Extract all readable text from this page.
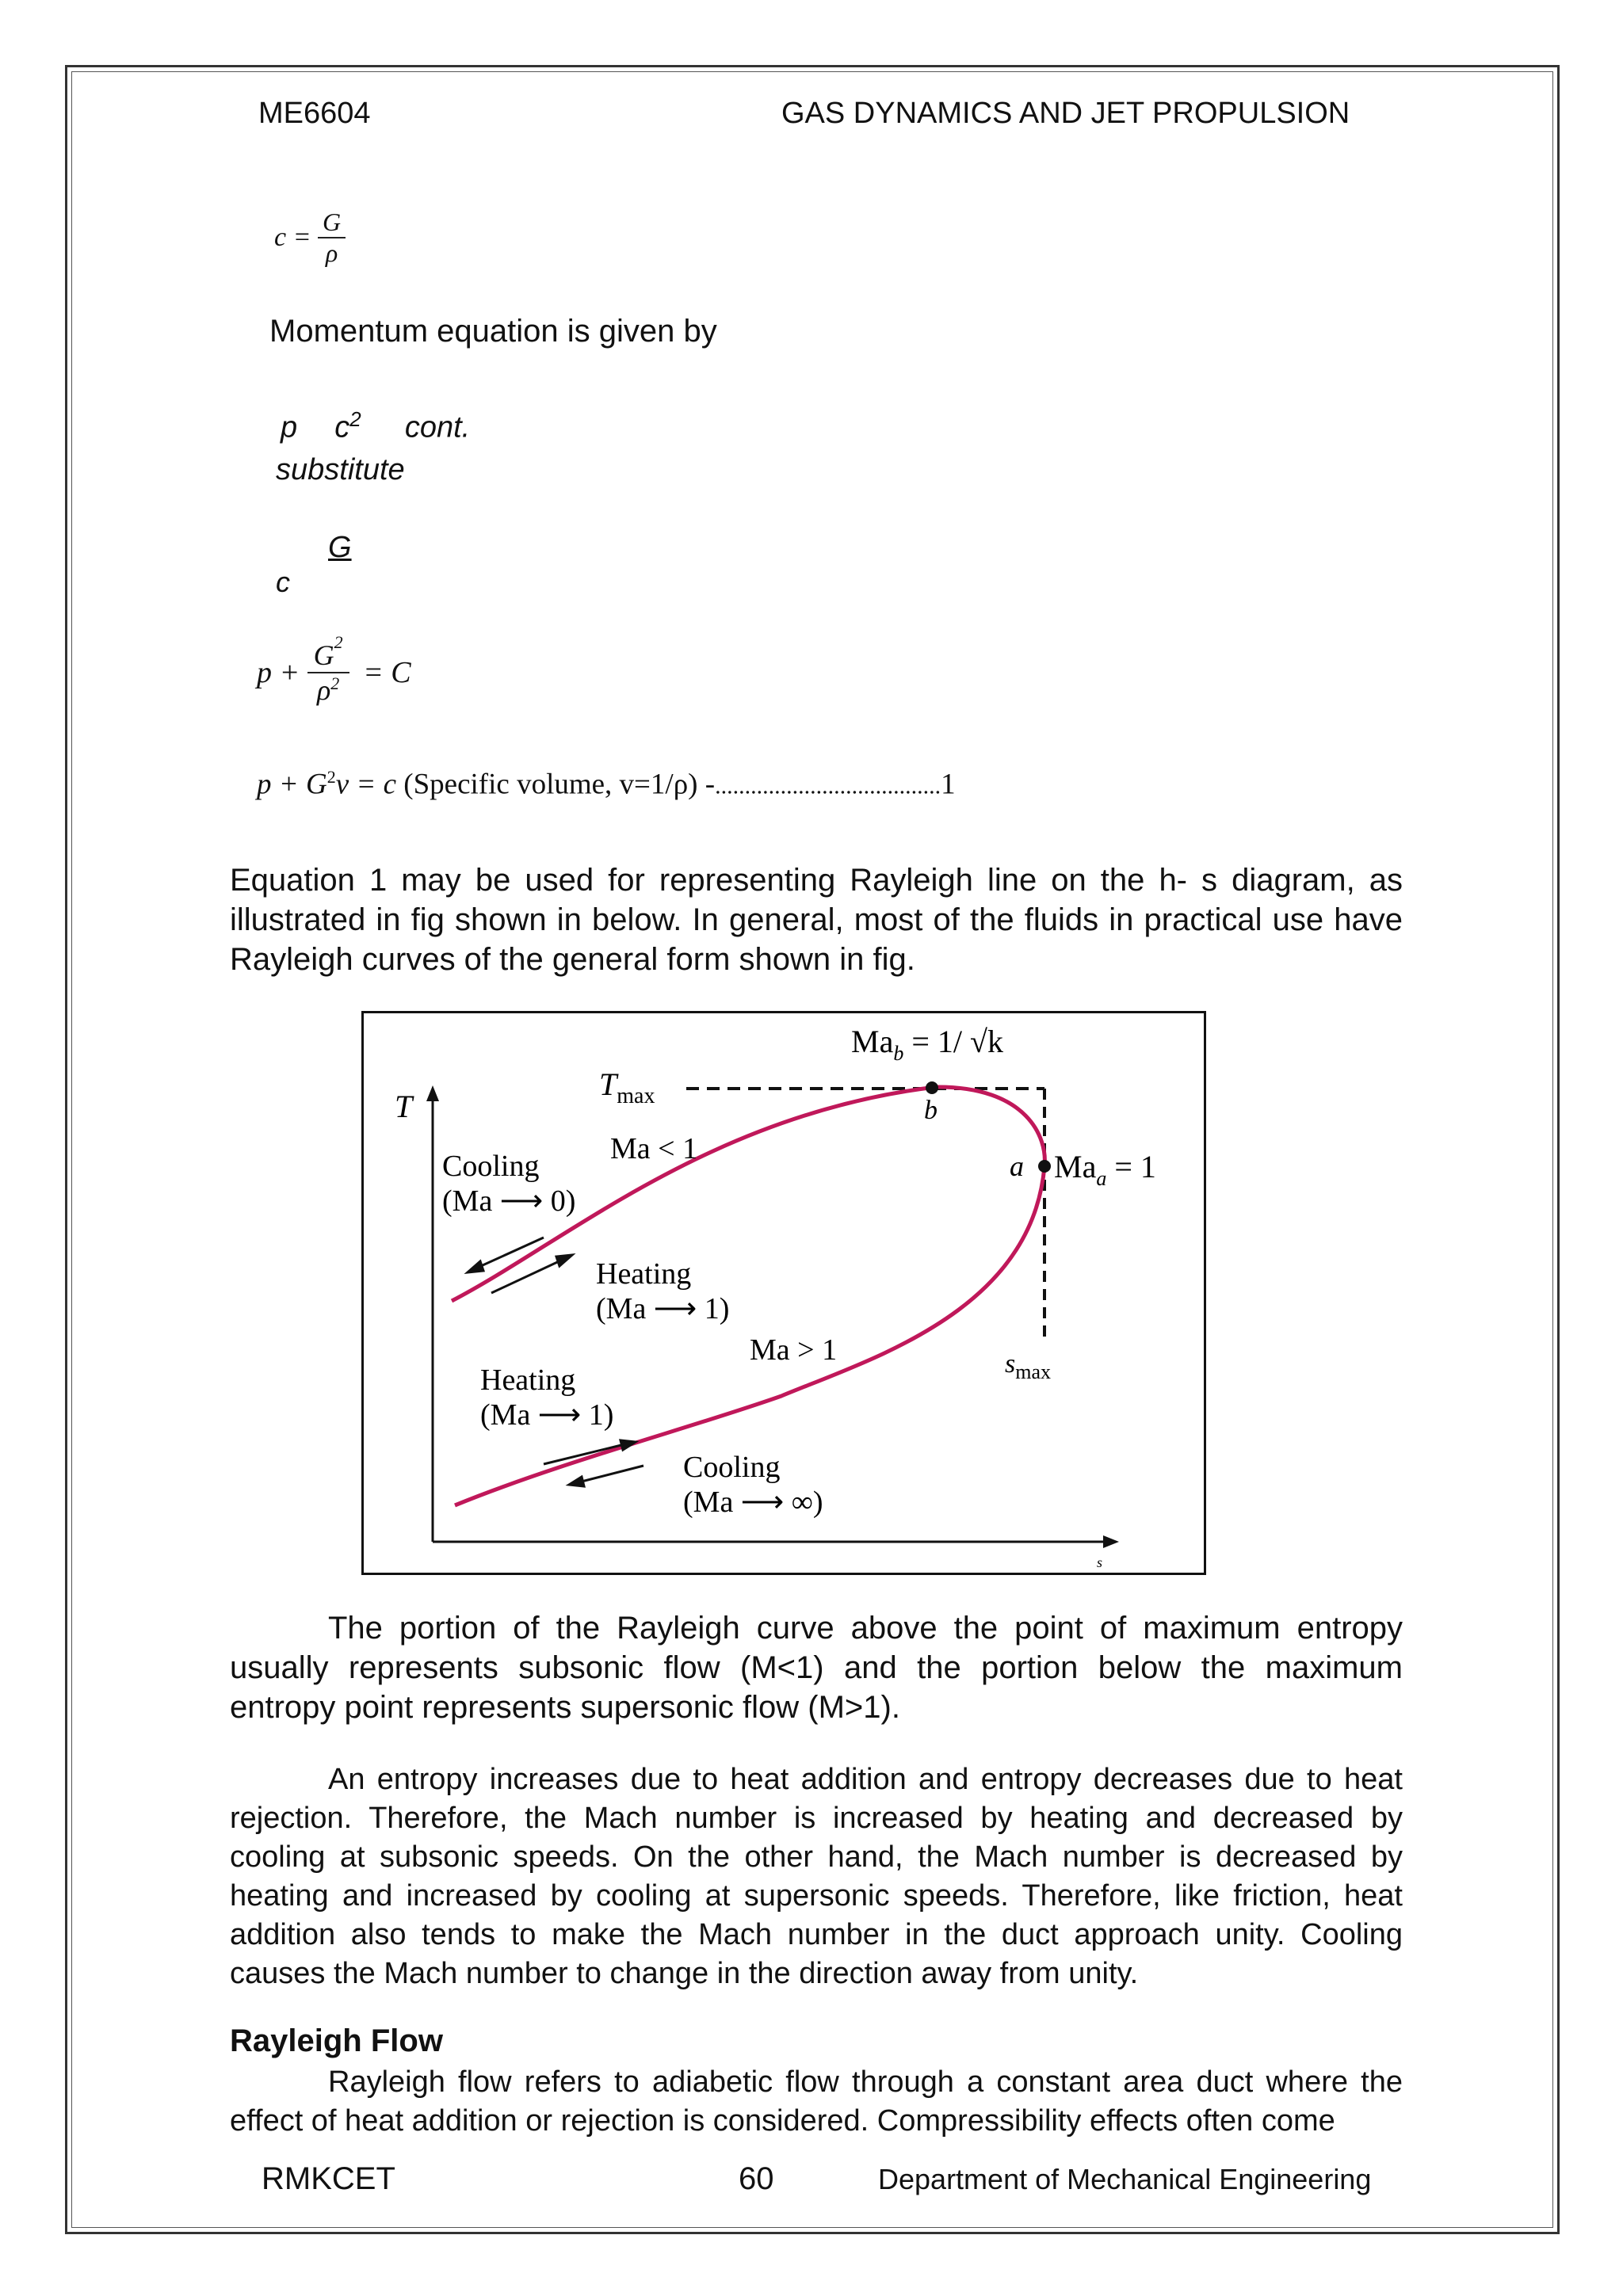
ME6604	GAS DYNAMICS AND JET PROPULSION
$c = \frac{G}{\rho}$
Momentum equation is given by
p $c^2$ cont.
substitute
G
c
$p + \frac{G^2}{\rho^2} = C$
$p + G^2v = c$ (Specific volume, v=1/ρ) -......................................1
Equation 1 may be used for representing Rayleigh line on the h- s diagram, as illustrated in fig shown in below. In general, most of the fluids in practical use have Rayleigh curves of the general form shown in fig.
T
s
$Ma_b = 1/$ √k
$T_{max}$	b
a $Ma_a = 1$
$s_{max}$
Ma < 1
Ma > 1
Cooling
(Ma ⟶ 0)
Heating
(Ma ⟶ 1)
Heating
(Ma ⟶ 1)
Cooling
(Ma ⟶ ∞)
The portion of the Rayleigh curve above the point of maximum entropy usually represents subsonic flow (M<1) and the portion below the maximum entropy point represents supersonic flow (M>1).
An entropy increases due to heat addition and entropy decreases due to heat rejection. Therefore, the Mach number is increased by heating and decreased by cooling at subsonic speeds. On the other hand, the Mach number is decreased by heating and increased by cooling at supersonic speeds. Therefore, like friction, heat addition also tends to make the Mach number in the duct approach unity. Cooling causes the Mach number to change in the direction away from unity.
Rayleigh Flow
Rayleigh flow refers to adiabetic flow through a constant area duct where the effect of heat addition or rejection is considered. Compressibility effects often come
RMKCET	60	Department of Mechanical Engineering
